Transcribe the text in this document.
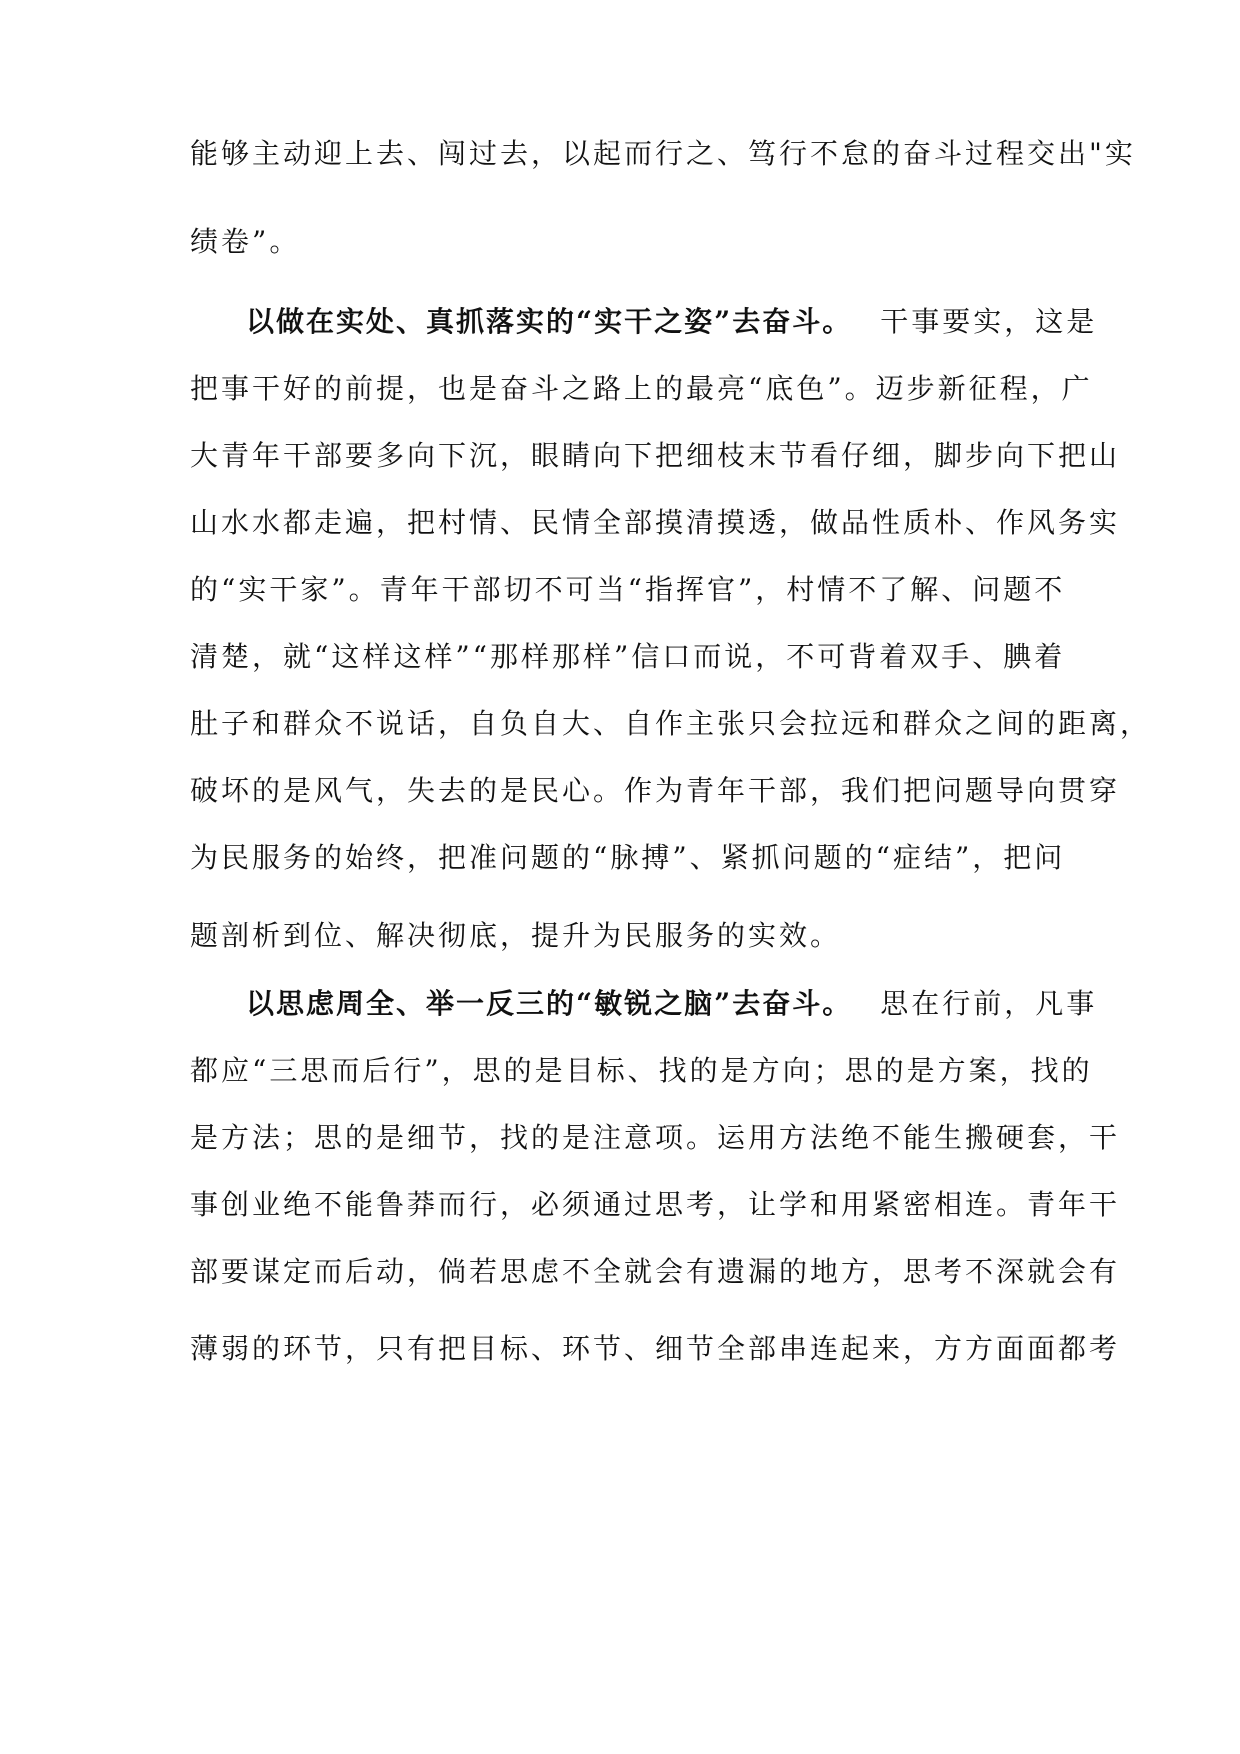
能够主动迎上去、闯过去，以起而行之、笃行不怠的奋斗过程交出"实
绩卷”。
以做在实处、真抓落实的“实干之姿”去奋斗。 干事要实，这是
把事干好的前提，也是奋斗之路上的最亮“底色”。迈步新征程，广
大青年干部要多向下沉，眼睛向下把细枝末节看仔细，脚步向下把山
山水水都走遍，把村情、民情全部摸清摸透，做品性质朴、作风务实
的“实干家”。青年干部切不可当“指挥官”，村情不了解、问题不
清楚，就“这样这样”“那样那样”信口而说，不可背着双手、腆着
肚子和群众不说话，自负自大、自作主张只会拉远和群众之间的距离，
破坏的是风气，失去的是民心。作为青年干部，我们把问题导向贯穿
为民服务的始终，把准问题的“脉搏”、紧抓问题的“症结”，把问
题剖析到位、解决彻底，提升为民服务的实效。
以思虑周全、举一反三的“敏锐之脑”去奋斗。 思在行前，凡事
都应“三思而后行”，思的是目标、找的是方向；思的是方案，找的
是方法；思的是细节，找的是注意项。运用方法绝不能生搬硬套，干
事创业绝不能鲁莽而行，必须通过思考，让学和用紧密相连。青年干
部要谋定而后动，倘若思虑不全就会有遗漏的地方，思考不深就会有
薄弱的环节，只有把目标、环节、细节全部串连起来，方方面面都考
